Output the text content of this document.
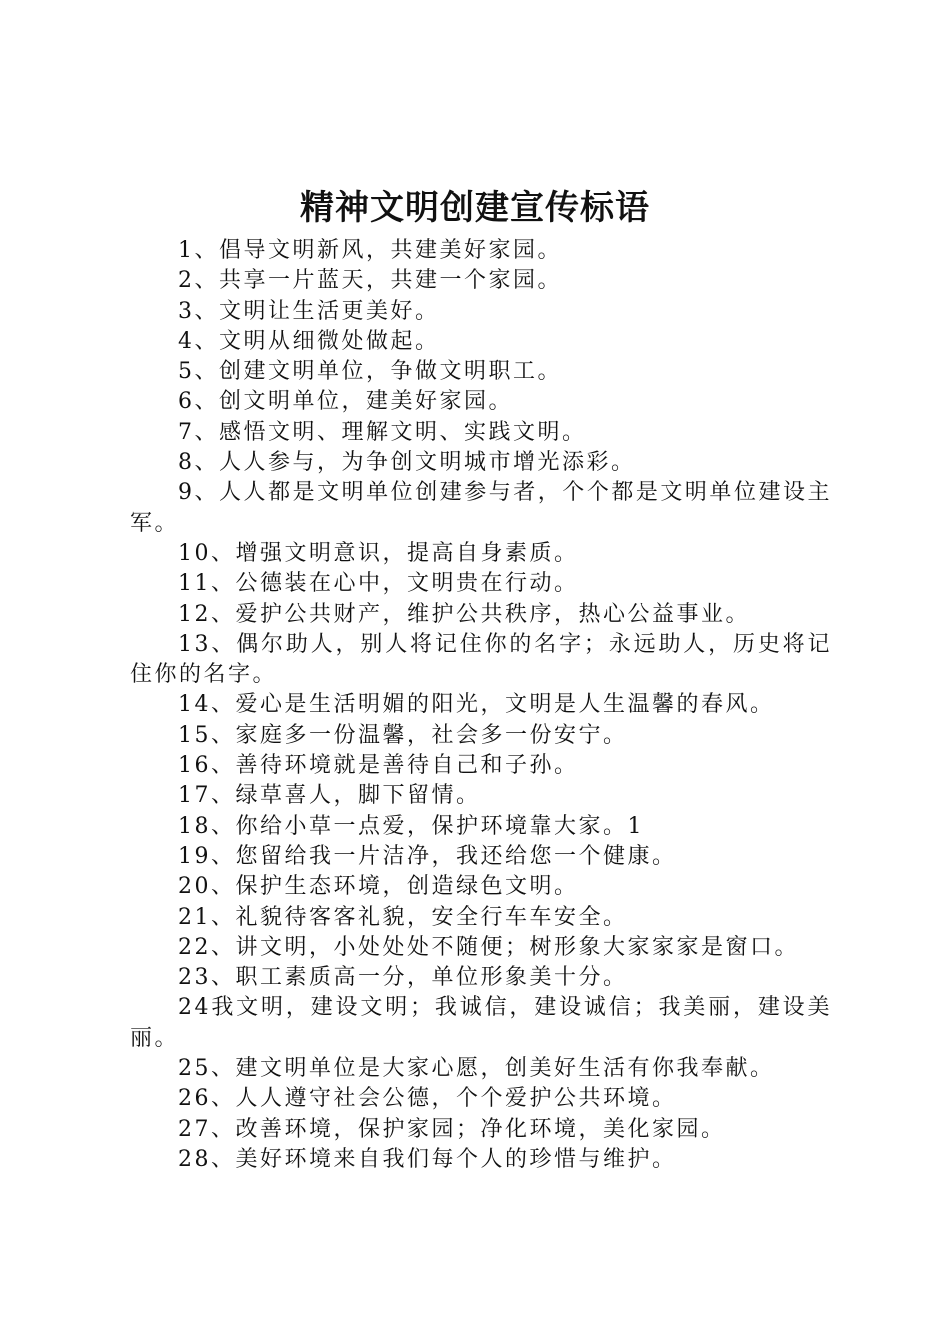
精神文明创建宣传标语

1、倡导文明新风，共建美好家园。

2、共享一片蓝天，共建一个家园。

3、文明让生活更美好。

4、文明从细微处做起。

5、创建文明单位，争做文明职工。

6、创文明单位，建美好家园。

7、感悟文明、理解文明、实践文明。

8、人人参与，为争创文明城市增光添彩。

9、人人都是文明单位创建参与者，个个都是文明单位建设主军。

10、增强文明意识，提高自身素质。

11、公德装在心中，文明贵在行动。

12、爱护公共财产，维护公共秩序，热心公益事业。

13、偶尔助人，别人将记住你的名字；永远助人，历史将记住你的名字。

14、爱心是生活明媚的阳光，文明是人生温馨的春风。

15、家庭多一份温馨，社会多一份安宁。

16、善待环境就是善待自己和子孙。

17、绿草喜人，脚下留情。

18、你给小草一点爱，保护环境靠大家。1

19、您留给我一片洁净，我还给您一个健康。

20、保护生态环境，创造绿色文明。

21、礼貌待客客礼貌，安全行车车安全。

22、讲文明，小处处处不随便；树形象大家家家是窗口。

23、职工素质高一分，单位形象美十分。

24我文明，建设文明；我诚信，建设诚信；我美丽，建设美丽。

25、建文明单位是大家心愿，创美好生活有你我奉献。

26、人人遵守社会公德，个个爱护公共环境。

27、改善环境，保护家园；净化环境，美化家园。

28、美好环境来自我们每个人的珍惜与维护。
